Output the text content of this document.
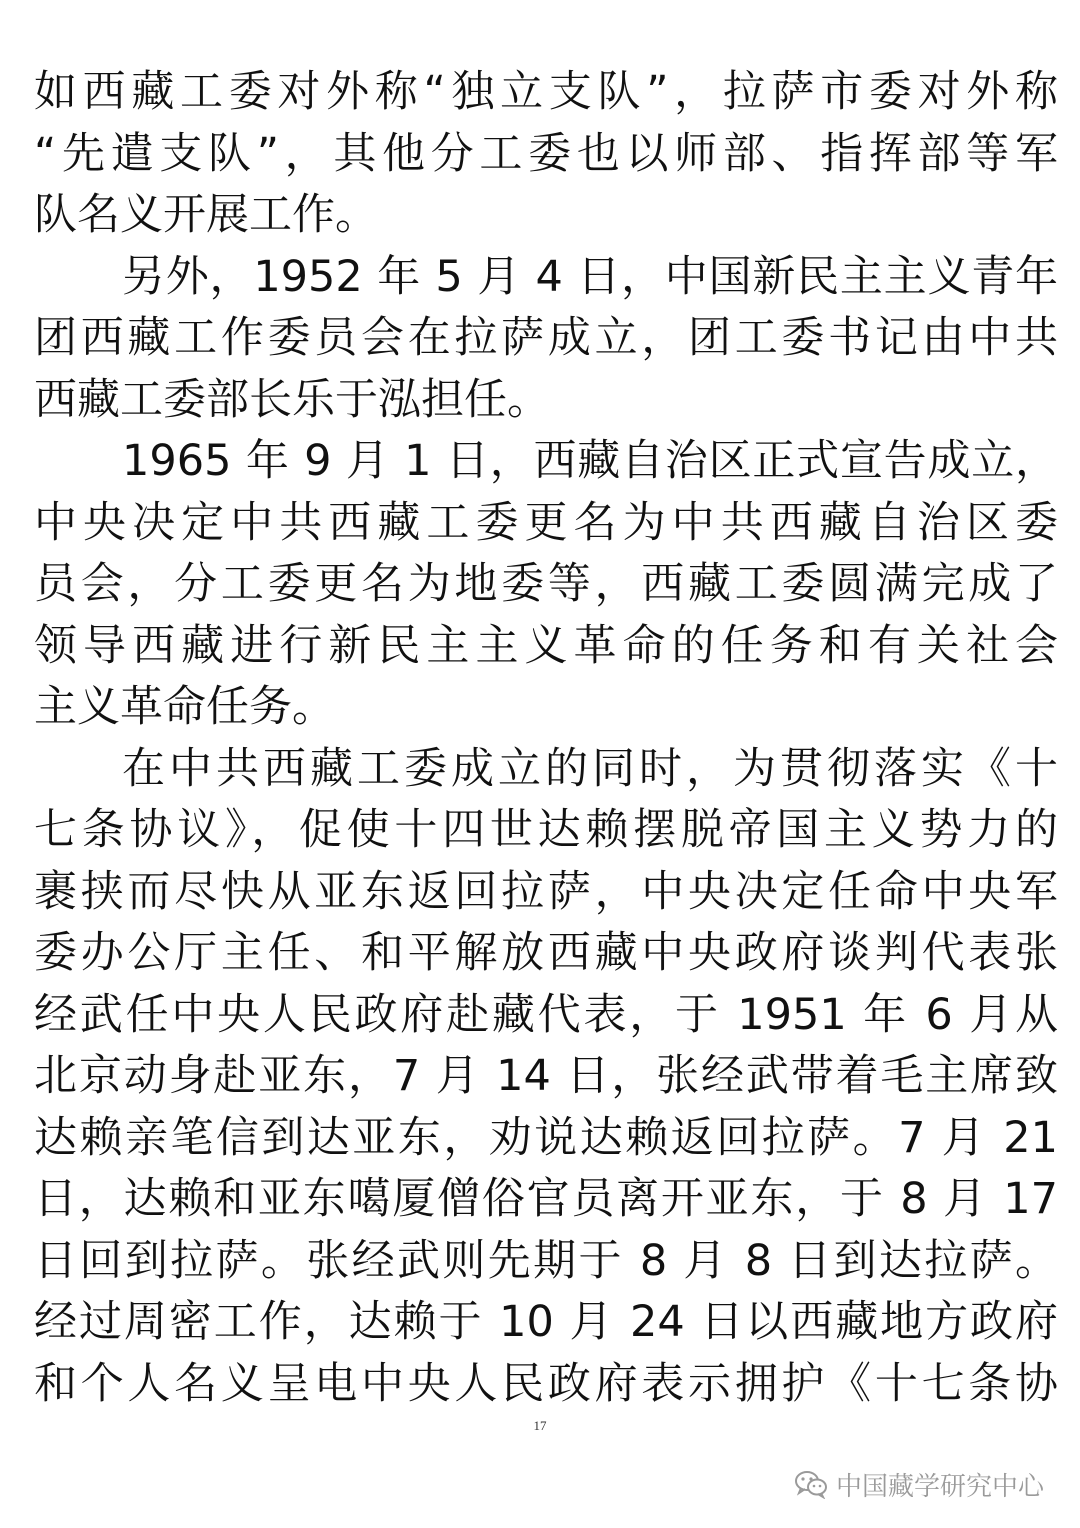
如西藏工委对外称“独立支队”，拉萨市委对外称
“先遣支队”，其他分工委也以师部、指挥部等军
队名义开展工作。
另外，1952 年 5 月 4 日，中国新民主主义青年
团西藏工作委员会在拉萨成立，团工委书记由中共
西藏工委部长乐于泓担任。
1965 年 9 月 1 日，西藏自治区正式宣告成立，
中央决定中共西藏工委更名为中共西藏自治区委
员会，分工委更名为地委等，西藏工委圆满完成了
领导西藏进行新民主主义革命的任务和有关社会
主义革命任务。
在中共西藏工委成立的同时，为贯彻落实《十
七条协议》，促使十四世达赖摆脱帝国主义势力的
裹挟而尽快从亚东返回拉萨，中央决定任命中央军
委办公厅主任、和平解放西藏中央政府谈判代表张
经武任中央人民政府赴藏代表，于 1951 年 6 月从
北京动身赴亚东，7 月 14 日，张经武带着毛主席致
达赖亲笔信到达亚东，劝说达赖返回拉萨。7 月 21
日，达赖和亚东噶厦僧俗官员离开亚东，于 8 月 17
日回到拉萨。张经武则先期于 8 月 8 日到达拉萨。
经过周密工作，达赖于 10 月 24 日以西藏地方政府
和个人名义呈电中央人民政府表示拥护《十七条协
17
中国藏学研究中心
